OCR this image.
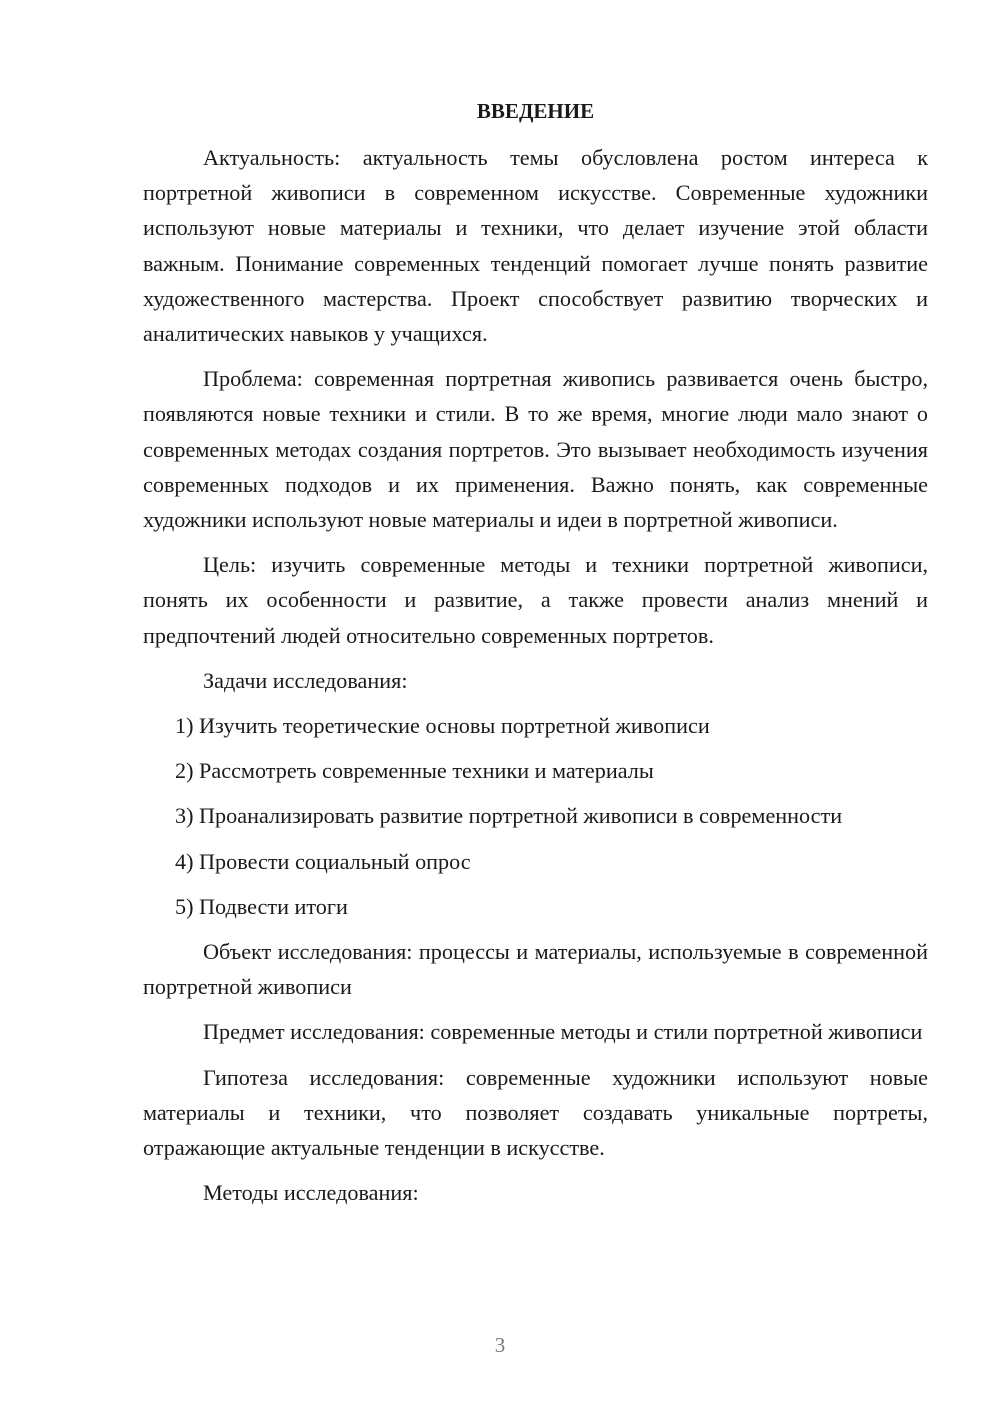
ВВЕДЕНИЕ

Актуальность: актуальность темы обусловлена ростом интереса к портретной живописи в современном искусстве. Современные художники используют новые материалы и техники, что делает изучение этой области важным. Понимание современных тенденций помогает лучше понять развитие художественного мастерства. Проект способствует развитию творческих и аналитических навыков у учащихся.

Проблема: современная портретная живопись развивается очень быстро, появляются новые техники и стили. В то же время, многие люди мало знают о современных методах создания портретов. Это вызывает необходимость изучения современных подходов и их применения. Важно понять, как современные художники используют новые материалы и идеи в портретной живописи.

Цель: изучить современные методы и техники портретной живописи, понять их особенности и развитие, а также провести анализ мнений и предпочтений людей относительно современных портретов.

Задачи исследования:

1) Изучить теоретические основы портретной живописи
2) Рассмотреть современные техники и материалы
3) Проанализировать развитие портретной живописи в современности
4) Провести социальный опрос
5) Подвести итоги

Объект исследования: процессы и материалы, используемые в современной портретной живописи

Предмет исследования: современные методы и стили портретной живописи

Гипотеза исследования: современные художники используют новые материалы и техники, что позволяет создавать уникальные портреты, отражающие актуальные тенденции в искусстве.

Методы исследования:

3
